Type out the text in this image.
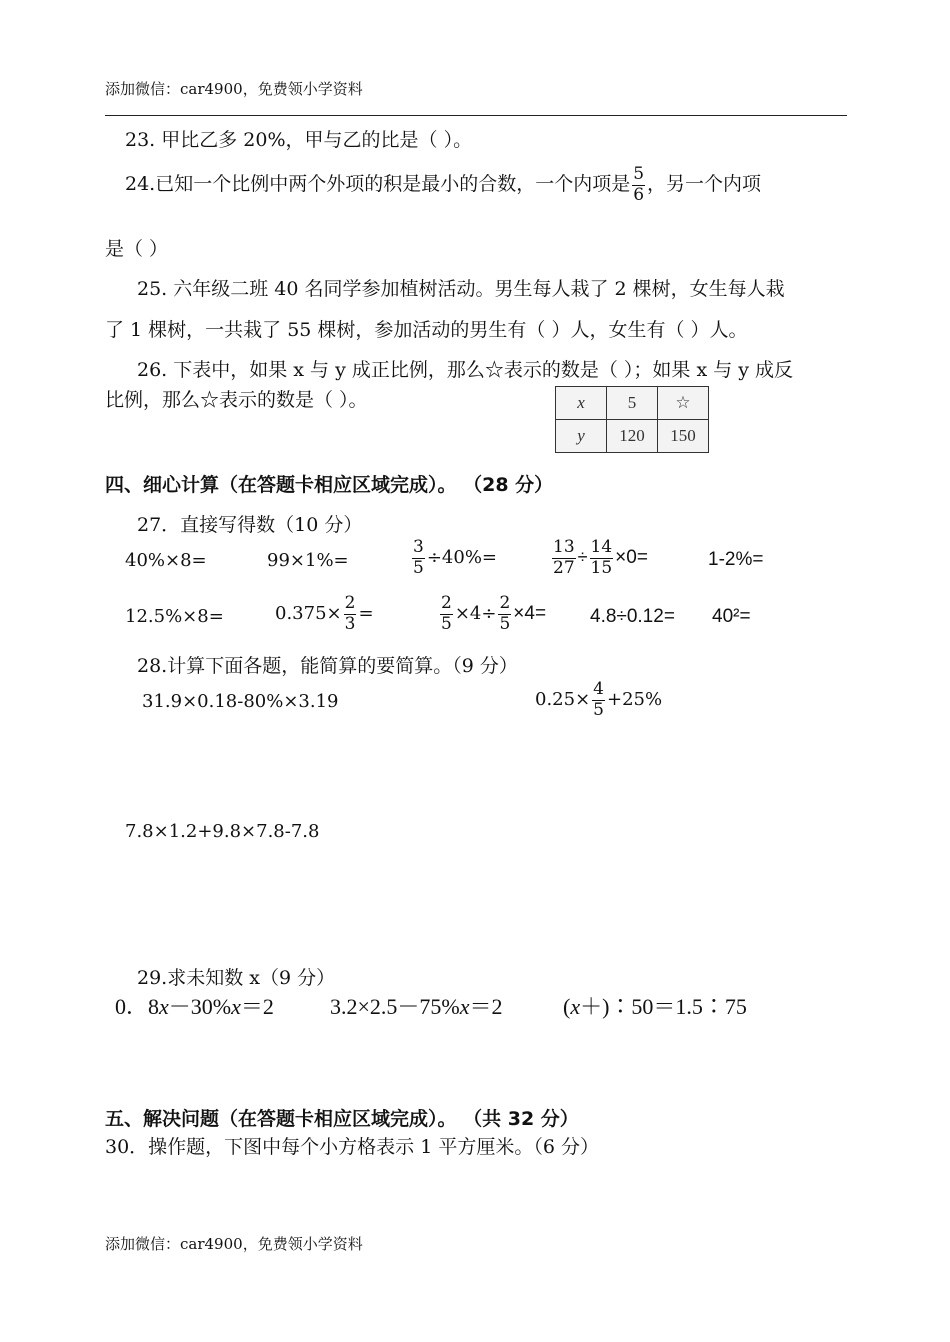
添加微信：car4900，免费领小学资料
23. 甲比乙多 20%，甲与乙的比是（ ）。
24.已知一个比例中两个外项的积是最小的合数，一个内项是 $\frac{5}{6}$ ，另一个内项
是（ ）
25. 六年级二班 40 名同学参加植树活动。男生每人栽了 2 棵树，女生每人栽
了 1 棵树，一共栽了 55 棵树，参加活动的男生有（ ）人，女生有（ ）人。
26. 下表中，如果 x 与 y 成正比例，那么☆表示的数是（ ）；如果 x 与 y 成反
比例，那么☆表示的数是（ ）。	x	5	☆
y	120	150
四、细心计算（在答题卡相应区域完成）。 （28 分）
27．直接写得数（10 分）
40%×8=	99×1%=	$\frac{3}{5} \div 40\%=$	$\frac{13}{27} \div \frac{14}{15} \times 0=$	1-2%=
12.5%×8=	$0.375\times \frac{2}{3}$ =	$\frac{2}{5} \times 4\div \frac{2}{5} \times 4= 4.8\div 0.12= 40^2=$
28.计算下面各题，能简算的要简算。（9 分）
31.9×0.18-80%×3.19	$0.25\times \frac{4}{5} +25\%$
7.8×1.2+9.8×7.8-7.8
29.求未知数 x（9 分）
0．8x－30%x＝2	3.2×2.5－75%x＝2	(x＋)∶50＝1.5∶75
五、解决问题（在答题卡相应区域完成）。 （共 32 分）
30．操作题，下图中每个小方格表示 1 平方厘米。（6 分）
添加微信：car4900，免费领小学资料
